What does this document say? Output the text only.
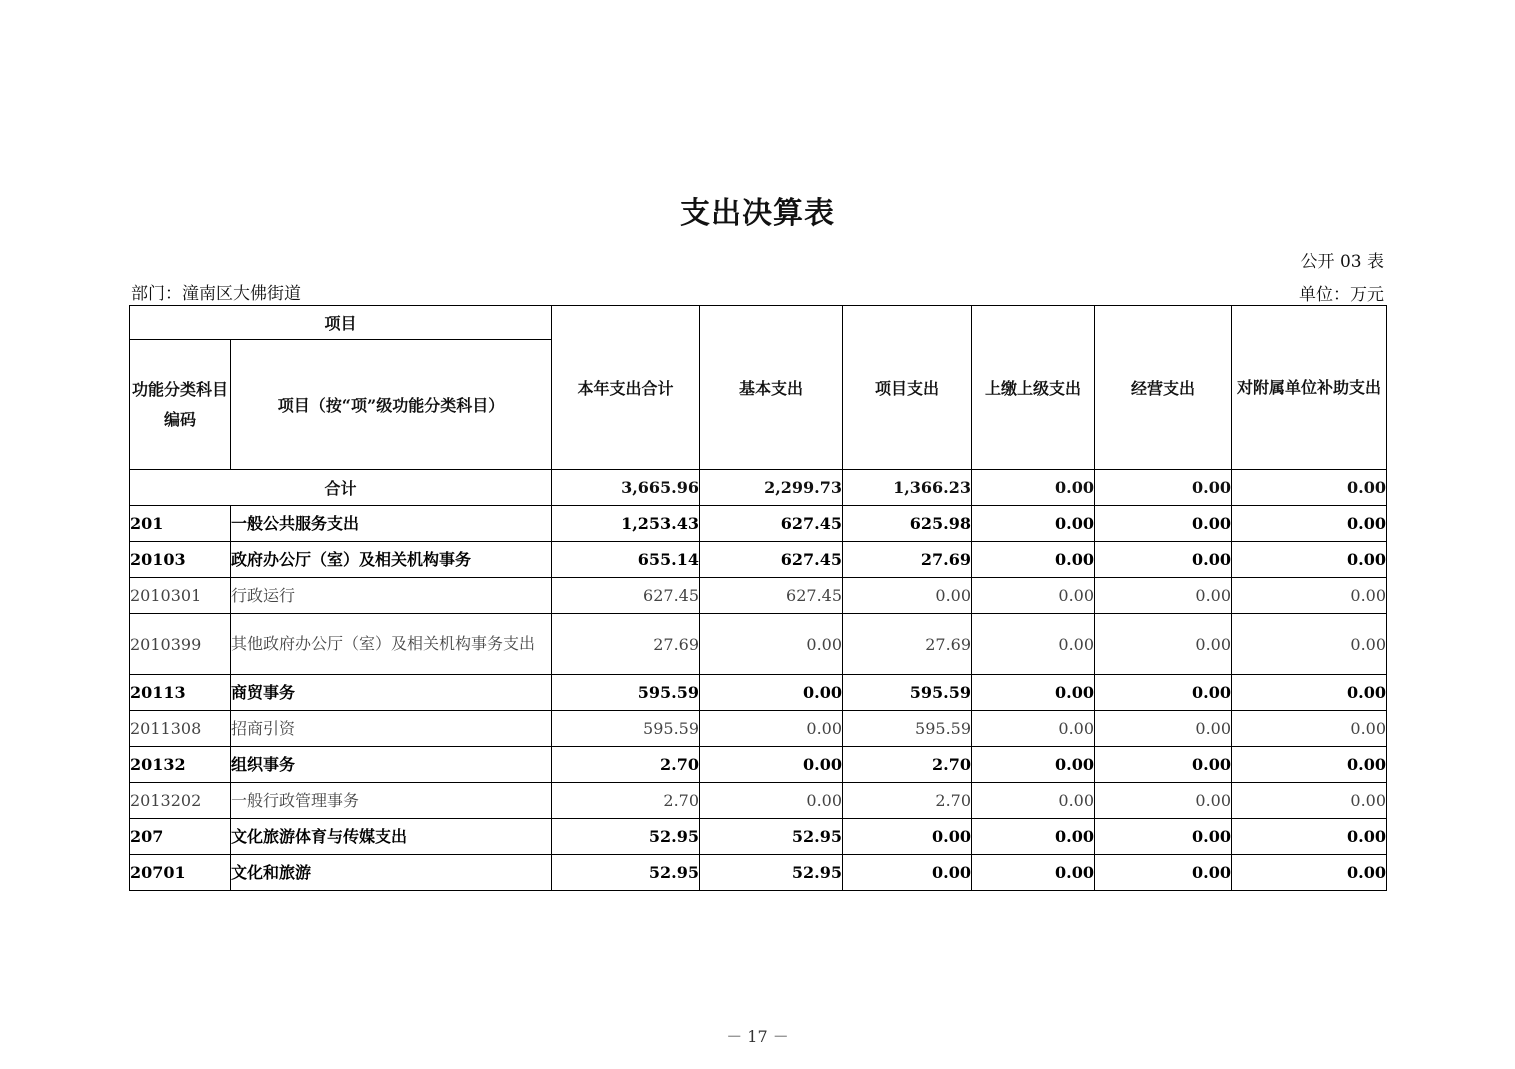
支出决算表
公开 03 表
部门：潼南区大佛街道	单位：万元
项目		本年支出合计	基本支出	项目支出	上缴上级支出	经营支出	对附属单位补助支出

功能分类科目编码	项目（按“项”级功能分类科目）						
合计		3,665.96	2,299.73	1,366.23	0.00	0.00	0.00
201	一般公共服务支出	1,253.43	627.45	625.98	0.00	0.00	0.00
20103	政府办公厅（室）及相关机构事务	655.14	627.45	27.69	0.00	0.00	0.00
2010301	行政运行	627.45	627.45	0.00	0.00	0.00	0.00
2010399	其他政府办公厅（室）及相关机构事务支出	27.69	0.00	27.69	0.00	0.00	0.00
20113	商贸事务	595.59	0.00	595.59	0.00	0.00	0.00
2011308	招商引资	595.59	0.00	595.59	0.00	0.00	0.00
20132	组织事务	2.70	0.00	2.70	0.00	0.00	0.00
2013202	一般行政管理事务	2.70	0.00	2.70	0.00	0.00	0.00
207	文化旅游体育与传媒支出	52.95	52.95	0.00	0.00	0.00	0.00
20701	文化和旅游	52.95	52.95	0.00	0.00	0.00	0.00
－ 17 －
